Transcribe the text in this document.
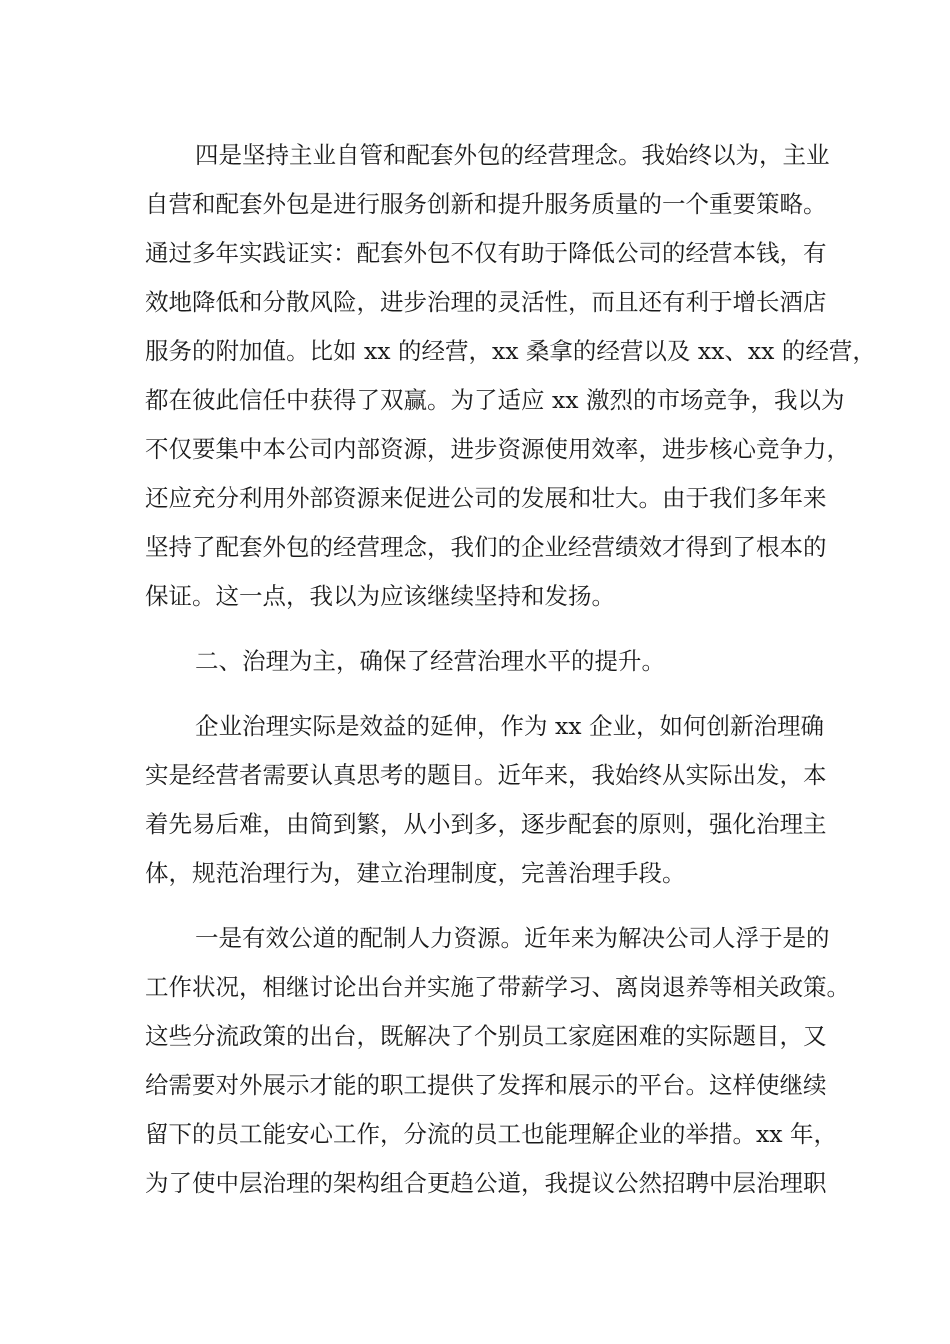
四是坚持主业自管和配套外包的经营理念。我始终以为，主业
自营和配套外包是进行服务创新和提升服务质量的一个重要策略。
通过多年实践证实：配套外包不仅有助于降低公司的经营本钱，有
效地降低和分散风险，进步治理的灵活性，而且还有利于增长酒店
服务的附加值。比如 xx 的经营，xx 桑拿的经营以及 xx、xx 的经营，
都在彼此信任中获得了双赢。为了适应 xx 激烈的市场竞争，我以为
不仅要集中本公司内部资源，进步资源使用效率，进步核心竞争力，
还应充分利用外部资源来促进公司的发展和壮大。由于我们多年来
坚持了配套外包的经营理念，我们的企业经营绩效才得到了根本的
保证。这一点，我以为应该继续坚持和发扬。
二、治理为主，确保了经营治理水平的提升。
企业治理实际是效益的延伸，作为 xx 企业，如何创新治理确
实是经营者需要认真思考的题目。近年来，我始终从实际出发，本
着先易后难，由简到繁，从小到多，逐步配套的原则，强化治理主
体，规范治理行为，建立治理制度，完善治理手段。
一是有效公道的配制人力资源。近年来为解决公司人浮于是的
工作状况，相继讨论出台并实施了带薪学习、离岗退养等相关政策。
这些分流政策的出台，既解决了个别员工家庭困难的实际题目，又
给需要对外展示才能的职工提供了发挥和展示的平台。这样使继续
留下的员工能安心工作，分流的员工也能理解企业的举措。xx 年，
为了使中层治理的架构组合更趋公道，我提议公然招聘中层治理职
